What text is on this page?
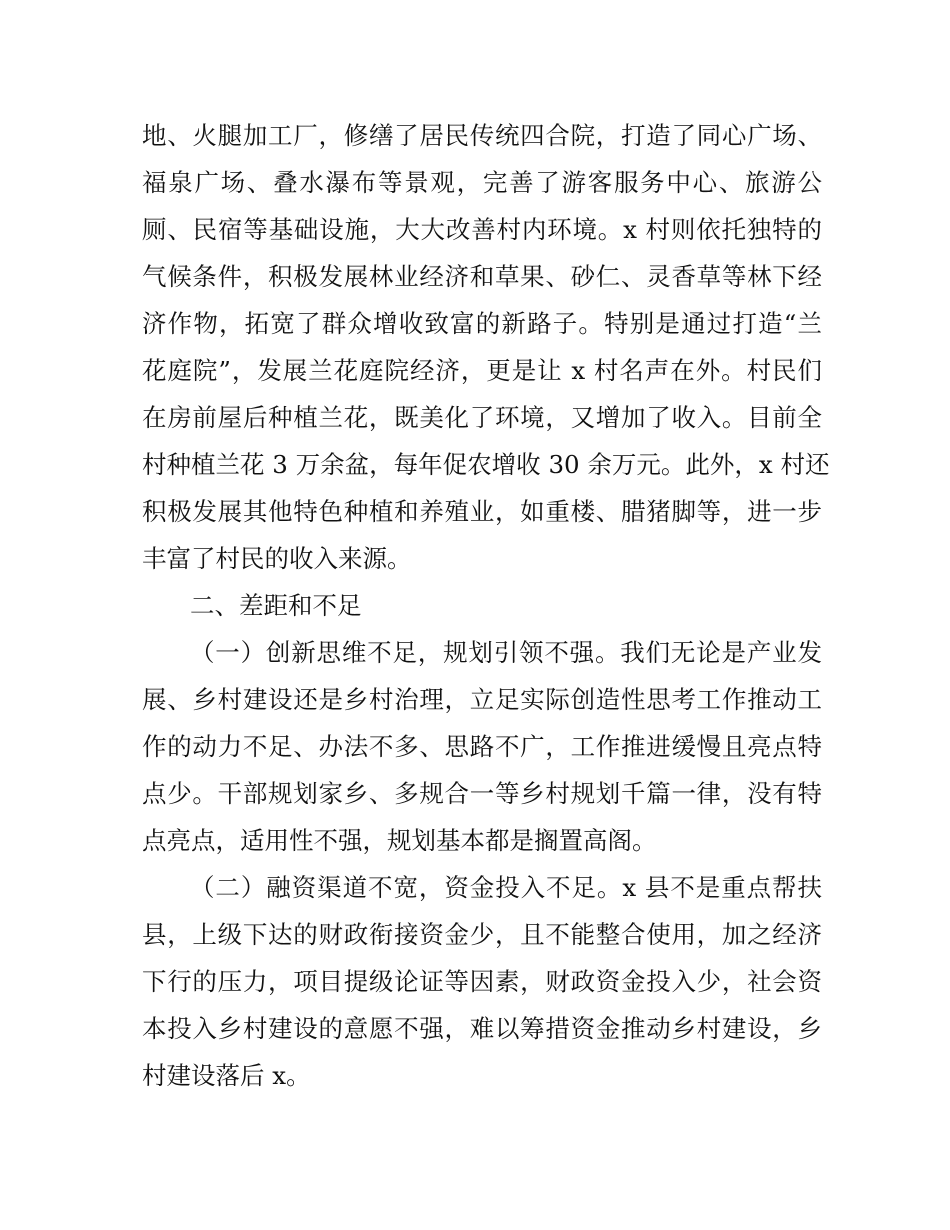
地、火腿加工厂，修缮了居民传统四合院，打造了同心广场、

福泉广场、叠水瀑布等景观，完善了游客服务中心、旅游公

厕、民宿等基础设施，大大改善村内环境。x 村则依托独特的

气候条件，积极发展林业经济和草果、砂仁、灵香草等林下经

济作物，拓宽了群众增收致富的新路子。特别是通过打造“兰

花庭院”，发展兰花庭院经济，更是让 x 村名声在外。村民们

在房前屋后种植兰花，既美化了环境，又增加了收入。目前全

村种植兰花 3 万余盆，每年促农增收 30 余万元。此外，x 村还

积极发展其他特色种植和养殖业，如重楼、腊猪脚等，进一步

丰富了村民的收入来源。

二、差距和不足

（一）创新思维不足，规划引领不强。我们无论是产业发

展、乡村建设还是乡村治理，立足实际创造性思考工作推动工

作的动力不足、办法不多、思路不广，工作推进缓慢且亮点特

点少。干部规划家乡、多规合一等乡村规划千篇一律，没有特

点亮点，适用性不强，规划基本都是搁置高阁。

（二）融资渠道不宽，资金投入不足。x 县不是重点帮扶

县，上级下达的财政衔接资金少，且不能整合使用，加之经济

下行的压力，项目提级论证等因素，财政资金投入少，社会资

本投入乡村建设的意愿不强，难以筹措资金推动乡村建设，乡

村建设落后 x。
